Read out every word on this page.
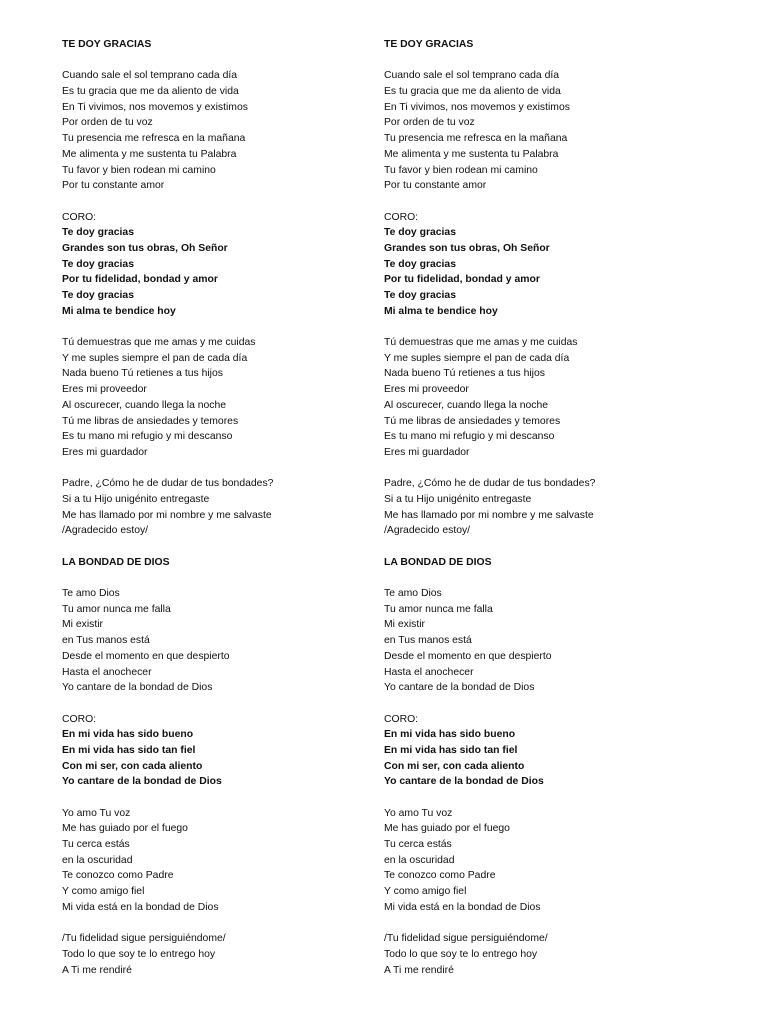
TE DOY GRACIAS
Cuando sale el sol temprano cada día
Es tu gracia que me da aliento de vida
En Ti vivimos, nos movemos y existimos
Por orden de tu voz
Tu presencia me refresca en la mañana
Me alimenta y me sustenta tu Palabra
Tu favor y bien rodean mi camino
Por tu constante amor
CORO:
Te doy gracias
Grandes son tus obras, Oh Señor
Te doy gracias
Por tu fidelidad, bondad y amor
Te doy gracias
Mi alma te bendice hoy
Tú demuestras que me amas y me cuidas
Y me suples siempre el pan de cada día
Nada bueno Tú retienes a tus hijos
Eres mi proveedor
Al oscurecer, cuando llega la noche
Tú me libras de ansiedades y temores
Es tu mano mi refugio y mi descanso
Eres mi guardador
Padre, ¿Cómo he de dudar de tus bondades?
Si a tu Hijo unigénito entregaste
Me has llamado por mi nombre y me salvaste
/Agradecido estoy/
LA BONDAD DE DIOS
Te amo Dios
Tu amor nunca me falla
Mi existir
en Tus manos está
Desde el momento en que despierto
Hasta el anochecer
Yo cantare de la bondad de Dios
CORO:
En mi vida has sido bueno
En mi vida has sido tan fiel
Con mi ser, con cada aliento
Yo cantare de la bondad de Dios
Yo amo Tu voz
Me has guiado por el fuego
Tu cerca estás
en la oscuridad
Te conozco como Padre
Y como amigo fiel
Mi vida está en la bondad de Dios
/Tu fidelidad sigue persiguiéndome/
Todo lo que soy te lo entrego hoy
A Ti me rendiré
TE DOY GRACIAS
Cuando sale el sol temprano cada día
Es tu gracia que me da aliento de vida
En Ti vivimos, nos movemos y existimos
Por orden de tu voz
Tu presencia me refresca en la mañana
Me alimenta y me sustenta tu Palabra
Tu favor y bien rodean mi camino
Por tu constante amor
CORO:
Te doy gracias
Grandes son tus obras, Oh Señor
Te doy gracias
Por tu fidelidad, bondad y amor
Te doy gracias
Mi alma te bendice hoy
Tú demuestras que me amas y me cuidas
Y me suples siempre el pan de cada día
Nada bueno Tú retienes a tus hijos
Eres mi proveedor
Al oscurecer, cuando llega la noche
Tú me libras de ansiedades y temores
Es tu mano mi refugio y mi descanso
Eres mi guardador
Padre, ¿Cómo he de dudar de tus bondades?
Si a tu Hijo unigénito entregaste
Me has llamado por mi nombre y me salvaste
/Agradecido estoy/
LA BONDAD DE DIOS
Te amo Dios
Tu amor nunca me falla
Mi existir
en Tus manos está
Desde el momento en que despierto
Hasta el anochecer
Yo cantare de la bondad de Dios
CORO:
En mi vida has sido bueno
En mi vida has sido tan fiel
Con mi ser, con cada aliento
Yo cantare de la bondad de Dios
Yo amo Tu voz
Me has guiado por el fuego
Tu cerca estás
en la oscuridad
Te conozco como Padre
Y como amigo fiel
Mi vida está en la bondad de Dios
/Tu fidelidad sigue persiguiéndome/
Todo lo que soy te lo entrego hoy
A Ti me rendiré
